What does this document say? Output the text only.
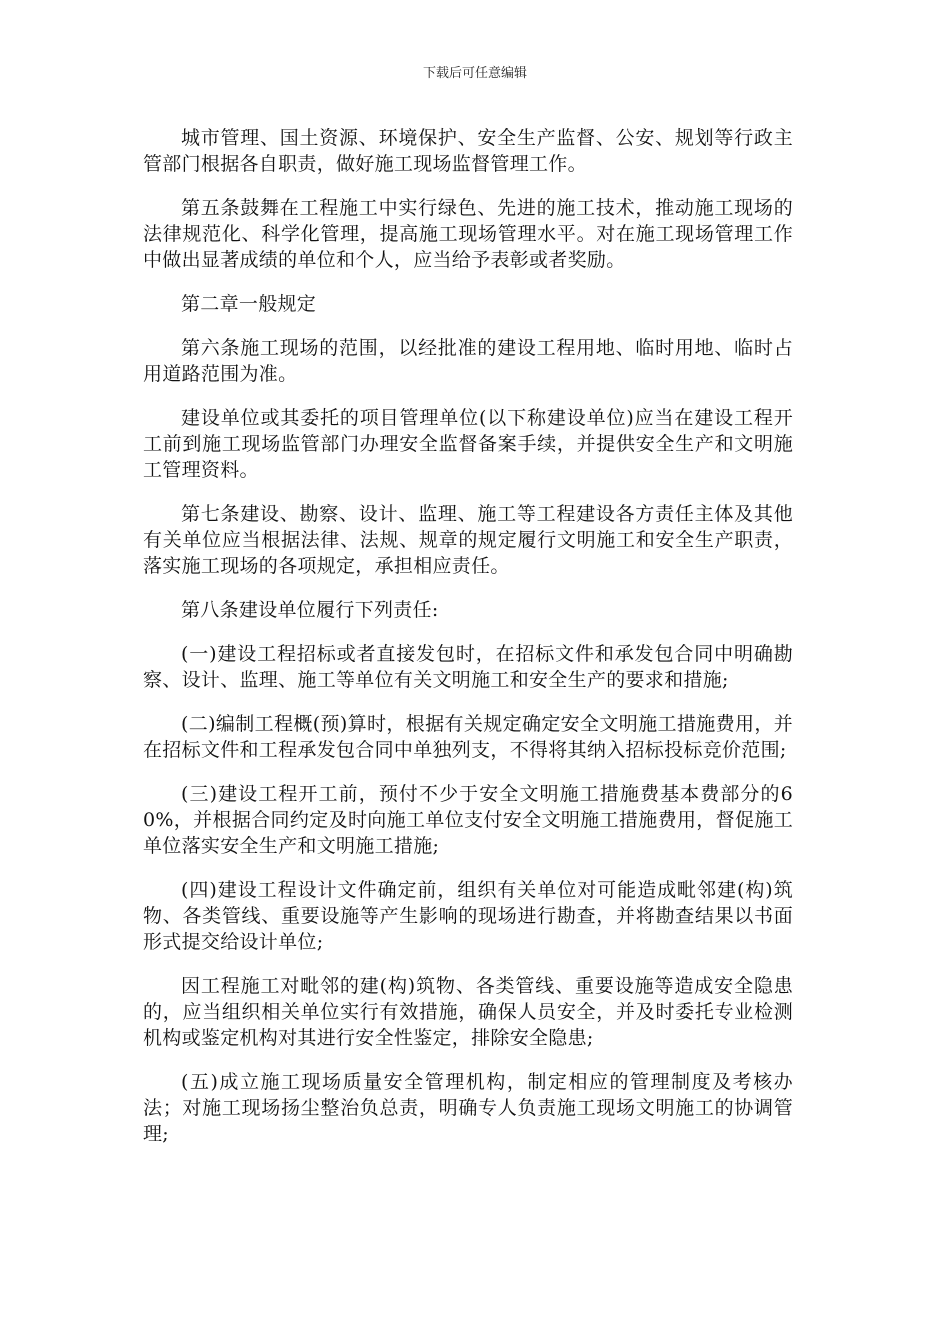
下载后可任意编辑

城市管理、国土资源、环境保护、安全生产监督、公安、规划等行政主管部门根据各自职责，做好施工现场监督管理工作。

第五条鼓舞在工程施工中实行绿色、先进的施工技术，推动施工现场的法律规范化、科学化管理，提高施工现场管理水平。对在施工现场管理工作中做出显著成绩的单位和个人，应当给予表彰或者奖励。

第二章一般规定

第六条施工现场的范围，以经批准的建设工程用地、临时用地、临时占用道路范围为准。

建设单位或其委托的项目管理单位(以下称建设单位)应当在建设工程开工前到施工现场监管部门办理安全监督备案手续，并提供安全生产和文明施工管理资料。

第七条建设、勘察、设计、监理、施工等工程建设各方责任主体及其他有关单位应当根据法律、法规、规章的规定履行文明施工和安全生产职责，落实施工现场的各项规定，承担相应责任。

第八条建设单位履行下列责任:

(一)建设工程招标或者直接发包时，在招标文件和承发包合同中明确勘察、设计、监理、施工等单位有关文明施工和安全生产的要求和措施;

(二)编制工程概(预)算时，根据有关规定确定安全文明施工措施费用，并在招标文件和工程承发包合同中单独列支，不得将其纳入招标投标竞价范围;

(三)建设工程开工前，预付不少于安全文明施工措施费基本费部分的60%，并根据合同约定及时向施工单位支付安全文明施工措施费用，督促施工单位落实安全生产和文明施工措施;

(四)建设工程设计文件确定前，组织有关单位对可能造成毗邻建(构)筑物、各类管线、重要设施等产生影响的现场进行勘查，并将勘查结果以书面形式提交给设计单位;

因工程施工对毗邻的建(构)筑物、各类管线、重要设施等造成安全隐患的，应当组织相关单位实行有效措施，确保人员安全，并及时委托专业检测机构或鉴定机构对其进行安全性鉴定，排除安全隐患;

(五)成立施工现场质量安全管理机构，制定相应的管理制度及考核办法；对施工现场扬尘整治负总责，明确专人负责施工现场文明施工的协调管理;
